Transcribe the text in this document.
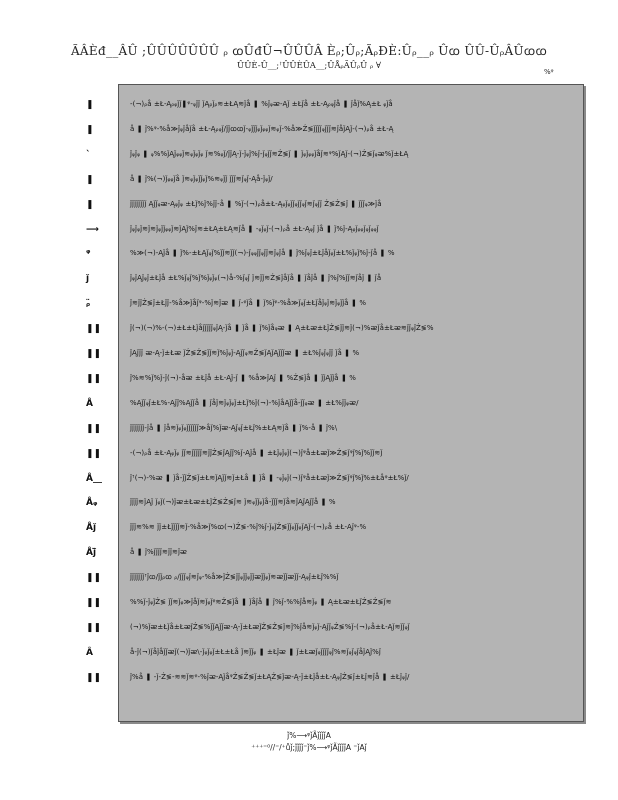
ÃÂÈđ__ÂÛ ;ÛÛÛÛÛÛÛ ᵨ ꭃÛđÛ¬ÛÛÛÂ Èᵨ;Ûᵨ;ÃᵨĐÈ:Ûᵨ__ᵨ Ûꭃ ÛÛ-ÛᵨÂÛꭃꭃ
ÛÛÈ-Û__;ꜛÛÛÈÛA__;ÛÅᵨÃÛᵨÛ ᵨ ∀
%ᵠ
❚	-(¬)ᵨå ±Ł-Ąᵨᵩǰǰ❚ᵠ-ᵩǰǰ ǰĄᵨǰᵨ≋±ŁĄ≋ǰå ❚ %ǰᵩᴂ-Ąǰ ±Łǰå ±Ł-Ąᵨᵩǰå ❚ ǰåǰ%Ą±Ł ᵩǰå
❚	å ❚ ǰ%ᵠ-%å≫ǰᵩǰåǰå ±Ł-Ąᵨᵩǰ/ǰǰꭃꭃǰ-ᵩǰǰǰᵩǰᵩᵩǰ≋ᵩǰ-%å≫Ź≶ǰǰǰǰᵩǰǰǰ≋ǰåǰĄǰ-(¬)ᵨå ±Ł-Ą
`	ǰᵩǰᵩ ❚ ᵩ%%ǰĄǰᵩᵩǰ≋ᵩǰᵩǰᵩ ǰ≋%ᵩǰ/ǰǰĄ-ǰ-ǰᵩǰ%ǰ-ǰᵩǰǰ≋Ź≶ǰ ❚ ǰᵩǰᵩᵩǰåǰ≋ᵠ%ǰĄǰ-(¬)Ź≶ǰᵩᴂ%ǰ±ŁĄ
❚	å ❚ ǰ%(¬)ǰᵩᵩǰå ǰ≋ᵩǰᵩǰǰᵩǰ%≋ᵩǰǰ ǰǰǰ≋ǰᵩǰ-Ąå-ǰᵩǰ/
❚	ǰǰǰǰǰǰǰǰ Ąǰǰᵩᴂ-Ąᵩǰᵩ ±Łǰ%ǰ%ǰǰ-å ❚ %ǰ-(¬)ᵨå±Ł-Ąᵩǰᵩǰǰᵩǰǰᵩǰ≋ǰᵩǰǰ Ź≶Ź≶ǰ ❚ ǰǰǰᵩ≫ǰå
⟶	ǰᵩǰᵩǰ≋ǰ≋ǰᵩǰǰᵩᵩǰ≋ǰĄǰ%ǰ≋±ŁĄ±ŁĄ≋ǰå ❚ -ᵩǰᵩǰ-(¬)ᵨå ±Ł-Ąᵩǰ ǰå ❚ ǰ%ǰ-Ąᵩǰᵩᵩǰᵩǰᵩᵩǰ
ᵠ	%≫(¬)-Ąǰå ❚ ǰ%-±ŁĄǰᵩǰ%ǰǰ≋ǰǰ(¬)-ǰᵩᵩǰǰᵩǰǰ≋ǰᵩǰå ❚ ǰ%ǰᵩǰ±Łǰåǰᵩǰ±Ł%ǰᵩǰ%ǰ-ǰå ❚ %
ǰ	ǰᵩǰĄǰᵩǰ±Łǰå ±Ł%ǰᵩǰ%ǰ%ǰᵩǰᵩ(¬)å-%ǰᵩǰ ǰ≋ǰǰ≋Ź≶ǰåǰå ❚ ǰåǰå ❚ ǰ%ǰ%ǰǰ≋ǰåǰ ❚ ǰå
ᵨ̈	ǰ≋ǰǰŹ≶ǰ±Łǰǰ-%å≫ǰåǰᵠ-%ǰ≋ǰᴂ ❚ ǰ-ᵠǰå ❚ ǰ%ǰᵠ-%å≫ǰᵩǰ±Łǰåǰᵩǰ≋ǰᵩǰǰå ❚ %
❚❚	ǰ(¬)(¬)%-(¬)±Ł±ŁǰåǰǰǰǰǰᵩǰĄ-ǰå ❚ ǰå ❚ ǰ%ǰåᵩᴂ ❚ Ą±Łᴂ±ŁǰŹ≶ǰǰ≋ǰ(¬)%ᴂǰå±Łᴂ≋ǰǰᵩǰŹ≶%
❚❚	ǰĄǰǰǰ ᴂ-Ą-ǰ±Łᴂ ǰŹ≶Ź≶ǰǰ≋ǰ%ǰᵩǰ-Ąǰǰᵩ≋Ź≶ǰĄǰĄǰǰǰᴂ ❚ ±Ł%ǰᵩǰᵩǰǰ ǰå ❚ %
❚❚	ǰ%≋%ǰ%ǰ-ǰ(¬)-åᴂ ±Łǰå ±Ł-Ąǰ-ǰ ❚ %å≫ǰĄǰ ❚ %Ź≶ǰå ❚ ǰǰĄǰǰå ❚ %
Å	%Ąǰǰᵩǰ±Ł%-Ąǰǰ%Ąǰǰå ❚ ǰåǰ≋ǰᵩǰᵩǰ±Łǰ%ǰ(¬)-%ǰåĄǰǰå-ǰǰᵩᴂ ❚ ±Ł%ǰǰᵩᴂ/
❚❚	ǰǰǰǰǰǰǰ-ǰå ❚ ǰå≋ǰᵩǰᵩǰǰǰǰǰǰ≫åǰ%ǰᴂ-Ąǰᵩǰ±Łǰ%±ŁĄ≋ǰå ❚ ǰ%-å ❚ ǰ%\
❚❚	-(¬)ᵨå ±Ł-Ąᵩǰᵩ ǰǰ≋ǰǰǰǰǰ≋ǰǰŹ≶ǰĄǰǰ%ǰ-Ąǰå ❚ ±Łǰᵩǰᵩǰ(¬)ǰᵠå±Łᴂǰ≫Ź≶ǰᵠǰ%ǰ%ǰǰ≋ǰ
Å__	ǰꜛ(¬)-%ᴂ ❚ ǰå-ǰǰŹ≶ǰ±Ł≋ǰĄǰǰ≋ǰ±Łå ❚ ǰå ❚ -ᵩǰᵩǰ(¬)ǰᵠå±Łᴂǰ≫Ź≶ǰᵠǰ%ǰ%±Łåᵠ±Ł%ǰ/
Åᵩ	ǰǰǰǰ≋ǰĄǰ ǰᵩǰ(¬)ǰᴂ±Łᴂ±ŁǰŹ≶Ź≶ǰ≋ ǰ≋ᵩǰǰᵩǰå-ǰǰǰ≋ǰå≋ǰĄǰĄǰǰå ❚ %
Åǰ	ǰǰǰ≋%≋ ǰǰ±Łǰǰǰǰ≋ǰ-%å≫ǰ%ꭃ(¬)Ź≶-%ǰ%ǰ-ǰᵩǰŹ≶ǰǰᵩǰǰᵩǰĄǰ-(¬)ᵨå ±Ł-Ąǰᵠ-%
Åǰ̈	å ❚ ǰ%ǰǰǰǰ≋ǰǰ≋ǰᴂ
❚❚	ǰǰǰǰǰǰǰꜛǰꭃ/ǰǰᵨꭃ ᵨ/ǰǰǰᵩǰ≋ǰᵩ-%å≫ǰŹ≶ǰǰᵩǰǰᵩǰǰᴂǰǰᵩǰ≋ᴂǰǰᴂǰǰ-Ąᵩǰ±Łǰ%%ǰ
❚❚	%%ǰ-ǰᵩǰŹ≶ ǰǰ≋ǰᵩ≫ǰåǰ≋ǰᵩǰᵠ≋Ź≶ǰå ❚ ǰåǰå ❚ ǰ%ǰ-%%ǰå≋ǰᵩ ❚ Ą±Łᴂ±ŁǰŹ≶Ź≶ǰ≋
❚❚	(¬)%ǰᴂ±Łǰå±ŁᴂǰŹ≶%ǰǰĄǰǰᴂ-Ą-ǰ±ŁᴂǰŹ≶Ź≶ǰ≋ǰ%ǰå≋ǰᵩǰ-ĄǰǰᵩŹ≶%ǰ-(¬)ᵨå±Ł-Ąǰ≋ǰǰᵩǰ
Â	å-ǰ(¬)ǰåǰåǰǰᴂǰ(¬)ǰᴂ\-ǰᵩǰᵩǰ±Ł±Łå ǰ≋ǰǰᵩ ❚ ±Łǰᴂ ❚ ǰ±Łᴂǰᵩǰǰǰǰᵩǰ%≋ǰᵩǰᵩǰåǰĄǰ%ǰ
❚❚	ǰ%å ❚ -ǰ-Ź≶-≋≋ǰ≋ᵠ-%ǰᴂ-ĄǰåᵠŹ≶Ź≶ǰ±ŁĄŹ≶ǰᴂ-Ą-ǰ±Łǰå±Ł-ĄᵩǰŹ≶ǰ±Łǰ≋ǰå ❚ ±Łǰᵩǰ/
ǰ%⟶ᵠǰÃǰǰǰǰA
⁺⁺⁺⁼⁰//⁼/⁺ůǰ;ǰǰǰǰ⁼ǰ%⟶ᵠǰÃǰǰǰǰA ⁼ǰAǰ
